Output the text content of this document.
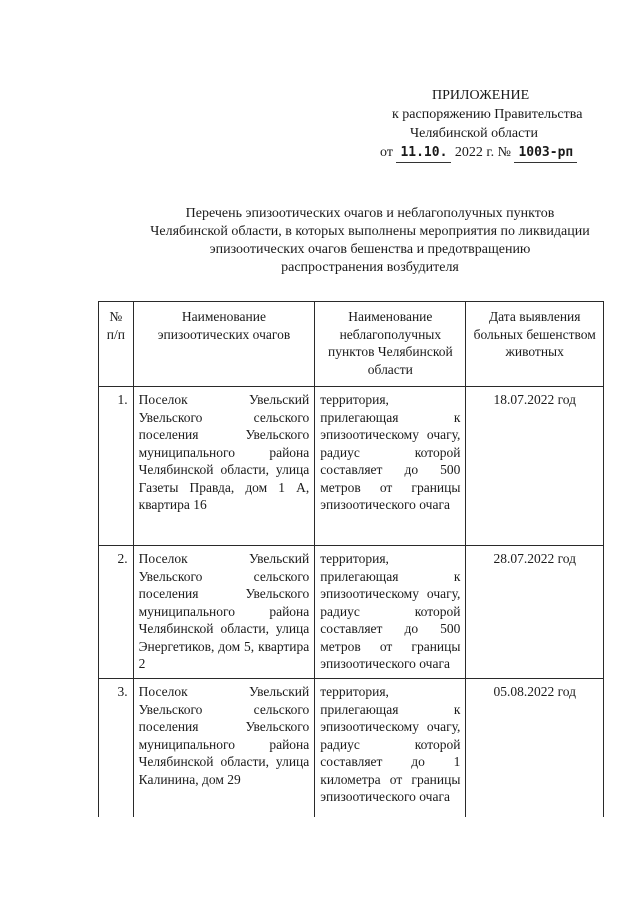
ПРИЛОЖЕНИЕ
к распоряжению Правительства
Челябинской области
от 11.10. 2022 г. № 1003-рп
Перечень эпизоотических очагов и неблагополучных пунктов
Челябинской области, в которых выполнены мероприятия по ликвидации
эпизоотических очагов бешенства и предотвращению
распространения возбудителя
№ п/п	Наименование эпизоотических очагов	Наименование неблагополучных пунктов Челябинской области	Дата выявления больных бешенством животных
1.	Поселок Увельский Увельского сельского поселения Увельского муниципального района Челябинской области, улица Газеты Правда, дом 1 А, квартира 16	территория, прилегающая к эпизоотическому очагу, радиус которой составляет до 500 метров от границы эпизоотического очага	18.07.2022 год
2.	Поселок Увельский Увельского сельского поселения Увельского муниципального района Челябинской области, улица Энергетиков, дом 5, квартира 2	территория, прилегающая к эпизоотическому очагу, радиус которой составляет до 500 метров от границы эпизоотического очага	28.07.2022 год
3.	Поселок Увельский Увельского сельского поселения Увельского муниципального района Челябинской области, улица Калинина, дом 29	территория, прилегающая к эпизоотическому очагу, радиус которой составляет до 1 километра от границы эпизоотического очага	05.08.2022 год
